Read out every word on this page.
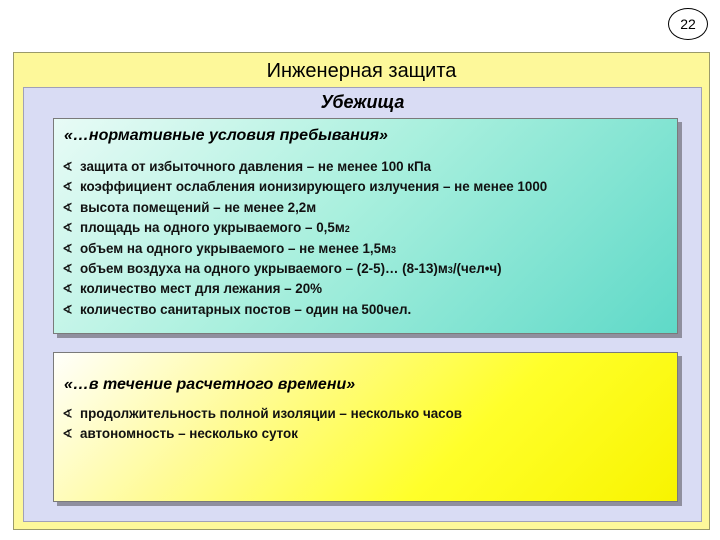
22
Инженерная защита
Убежища
«…нормативные условия пребывания»
∢ защита от избыточного давления – не менее 100 кПа
∢ коэффициент ослабления ионизирующего излучения – не менее 1000
∢ высота помещений – не менее 2,2м
∢ площадь на одного укрываемого – 0,5м 2
∢ объем на одного укрываемого – не менее 1,5м 3
∢ объем воздуха на одного укрываемого – (2-5)… (8-13)м 3 /(чел•ч)
∢ количество мест для лежания – 20%
∢ количество санитарных постов – один на 500чел.
«…в течение расчетного времени»
∢ продолжительность полной изоляции – несколько часов
∢ автономность – несколько суток
